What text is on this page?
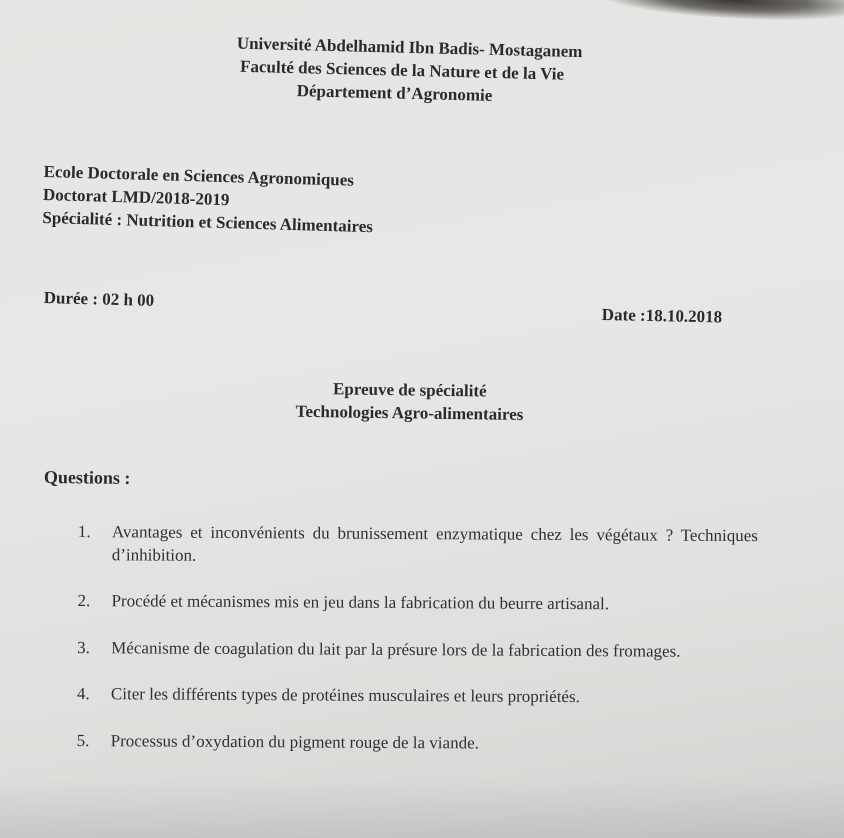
Université Abdelhamid Ibn Badis- Mostaganem
Faculté des Sciences de la Nature et de la Vie
Département d’Agronomie
Ecole Doctorale en Sciences Agronomiques
Doctorat LMD/2018-2019
Spécialité : Nutrition et Sciences Alimentaires
Durée : 02 h 00
Date :18.10.2018
Epreuve de spécialité
Technologies Agro-alimentaires
Questions :
1. Avantages et inconvénients du brunissement enzymatique chez les végétaux ? Techniques d’inhibition.
2. Procédé et mécanismes mis en jeu dans la fabrication du beurre artisanal.
3. Mécanisme de coagulation du lait par la présure lors de la fabrication des fromages.
4. Citer les différents types de protéines musculaires et leurs propriétés.
5. Processus d’oxydation du pigment rouge de la viande.
